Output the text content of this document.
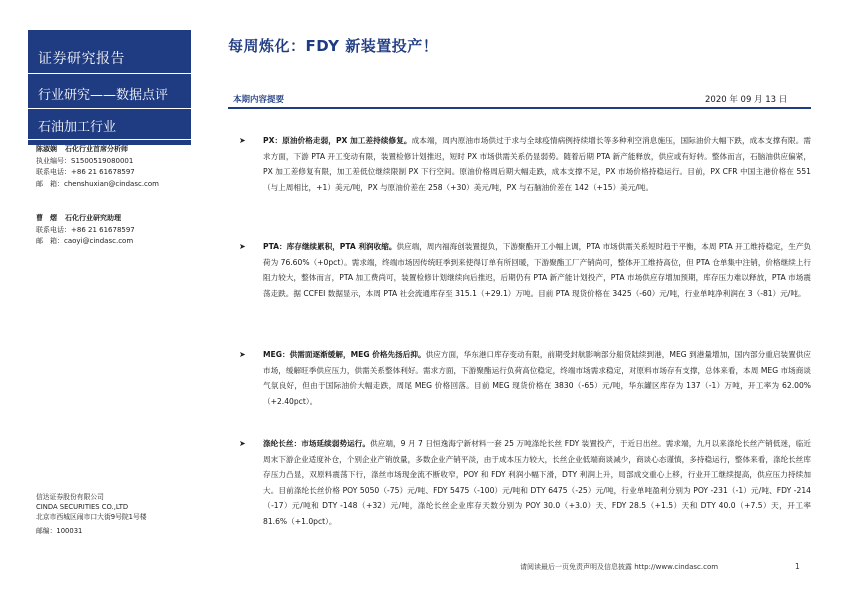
证券研究报告
行业研究——数据点评
石油加工行业
陈淑娴 石化行业首席分析师
执业编号：S1500519080001
联系电话：+86 21 61678597
邮　箱：chenshuxian@cindasc.com
曹　熠 石化行业研究助理
联系电话：+86 21 61678597
邮　箱：caoyi@cindasc.com
信达证券股份有限公司
CINDA SECURITIES CO.,LTD
北京市西城区闹市口大街9号院1号楼
邮编：100031
每周炼化：FDY 新装置投产！
本期内容提要	2020 年 09 月 13 日
➤ PX：原油价格走弱，PX 加工差持续修复。成本端，周内原油市场供过于求与全球疫情病例持续增长等多种利空消息施压，国际油价大幅下跌，成本支撑有限。需求方面，下游 PTA 开工变动有限，装置检修计划推迟，短时 PX 市场供需关系仍显弱势。随着后期 PTA 新产能释放，供应或有好转。整体而言，石脑油供应偏紧，PX 加工差修复有限，加工差低位继续限制 PX 下行空间。原油价格周后期大幅走跌，成本支撑不足，PX 市场价格持稳运行。目前，PX CFR 中国主港价格在 551（与上周相比，+1）美元/吨，PX 与原油价差在 258（+30）美元/吨，PX 与石脑油价差在 142（+15）美元/吨。
➤ PTA：库存继续累积，PTA 利润收缩。供应端，周内福海创装置提负，下游聚酯开工小幅上调，PTA 市场供需关系短时趋于平衡，本周 PTA 开工维持稳定，生产负荷为 76.60%（+0pct）。需求端，终端市场因传统旺季到来使得订单有所回暖，下游聚酯工厂产销尚可，整体开工维持高位，但 PTA 仓单集中注销，价格继续上行阻力较大，整体而言，PTA 加工费尚可，装置检修计划继续向后推迟，后期仍有 PTA 新产能计划投产，PTA 市场供应存增加预期，库存压力难以释放，PTA 市场震荡走跌。据 CCFEI 数据显示，本周 PTA 社会流通库存至 315.1（+29.1）万吨。目前 PTA 现货价格在 3425（-60）元/吨，行业单吨净利润在 3（-81）元/吨。
➤ MEG：供需面逐渐缓解，MEG 价格先扬后抑。供应方面，华东港口库存变动有限，前期受封航影响部分船货陆续到港，MEG 到港量增加，国内部分重启装置供应市场，缓解旺季供应压力，供需关系整体利好。需求方面，下游聚酯运行负荷高位稳定，终端市场需求稳定，对原料市场存有支撑，总体来看，本周 MEG 市场商谈气氛良好，但由于国际油价大幅走跌，周尾 MEG 价格回落。目前 MEG 现货价格在 3830（-65）元/吨，华东罐区库存为 137（-1）万吨，开工率为 62.00%（+2.40pct）。
➤ 涤纶长丝：市场延续弱势运行。供应端，9 月 7 日恒逸海宁新材料一套 25 万吨涤纶长丝 FDY 装置投产，于近日出丝。需求端，九月以来涤纶长丝产销低迷，临近周末下游企业适度补仓，个别企业产销放量，多数企业产销平淡，由于成本压力较大，长丝企业低端商谈减少，商谈心态谨慎，多持稳运行，整体来看，涤纶长丝库存压力凸显，双原料震荡下行，涤丝市场现金流不断收窄，POY 和 FDY 利润小幅下滑，DTY 利润上升，局部成交重心上移，行业开工继续提高，供应压力持续加大。目前涤纶长丝价格 POY 5050（-75）元/吨、FDY 5475（-100）元/吨和 DTY 6475（-25）元/吨，行业单吨盈利分别为 POY -231（-1）元/吨、FDY -214（-17）元/吨和 DTY -148（+32）元/吨，涤纶长丝企业库存天数分别为 POY 30.0（+3.0）天、FDY 28.5（+1.5）天和 DTY 40.0（+7.5）天，开工率 81.6%（+1.0pct）。
请阅读最后一页免责声明及信息披露 http://www.cindasc.com	1
